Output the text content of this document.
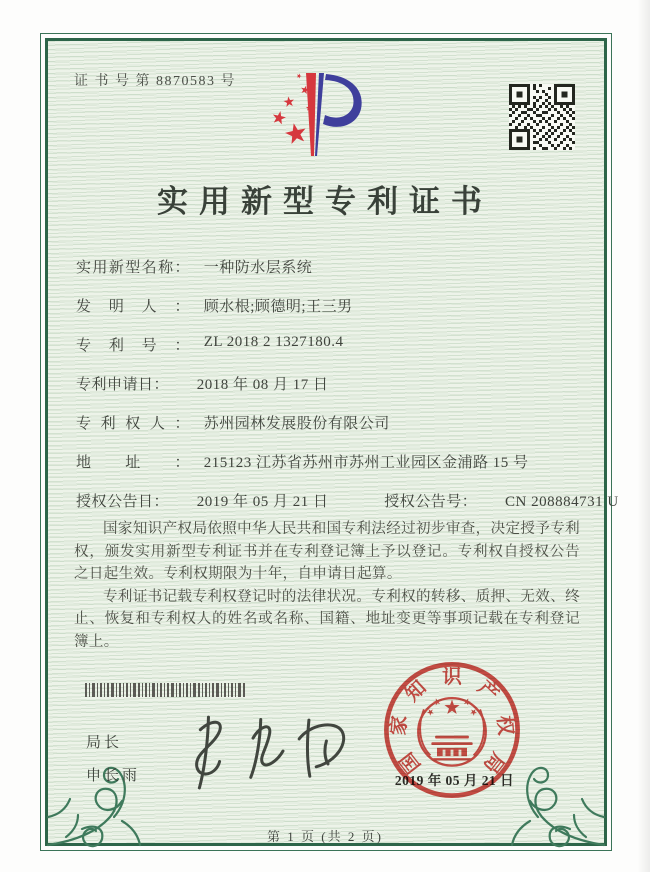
证 书 号 第 8870583 号
实用新型专利证书
实用新型名称： 一种防水层系统
发明人： 顾水根;顾德明;王三男
专利号： ZL 2018 2 1327180.4
专利申请日： 2018 年 08 月 17 日
专利权人： 苏州园林发展股份有限公司
地址： 215123 江苏省苏州市苏州工业园区金浦路 15 号
授权公告日： 2019 年 05 月 21 日	授权公告号： CN 208884731 U

国家知识产权局依照中华人民共和国专利法经过初步审查，决定授予专利权，颁发实用新型专利证书并在专利登记簿上予以登记。专利权自授权公告之日起生效。专利权期限为十年，自申请日起算。

专利证书记载专利权登记时的法律状况。专利权的转移、质押、无效、终止、恢复和专利权人的姓名或名称、国籍、地址变更等事项记载在专利登记簿上。

局长
申长雨	2019 年 05 月 21 日
国
家
知 识 产
权
局
第 1 页 (共 2 页)
